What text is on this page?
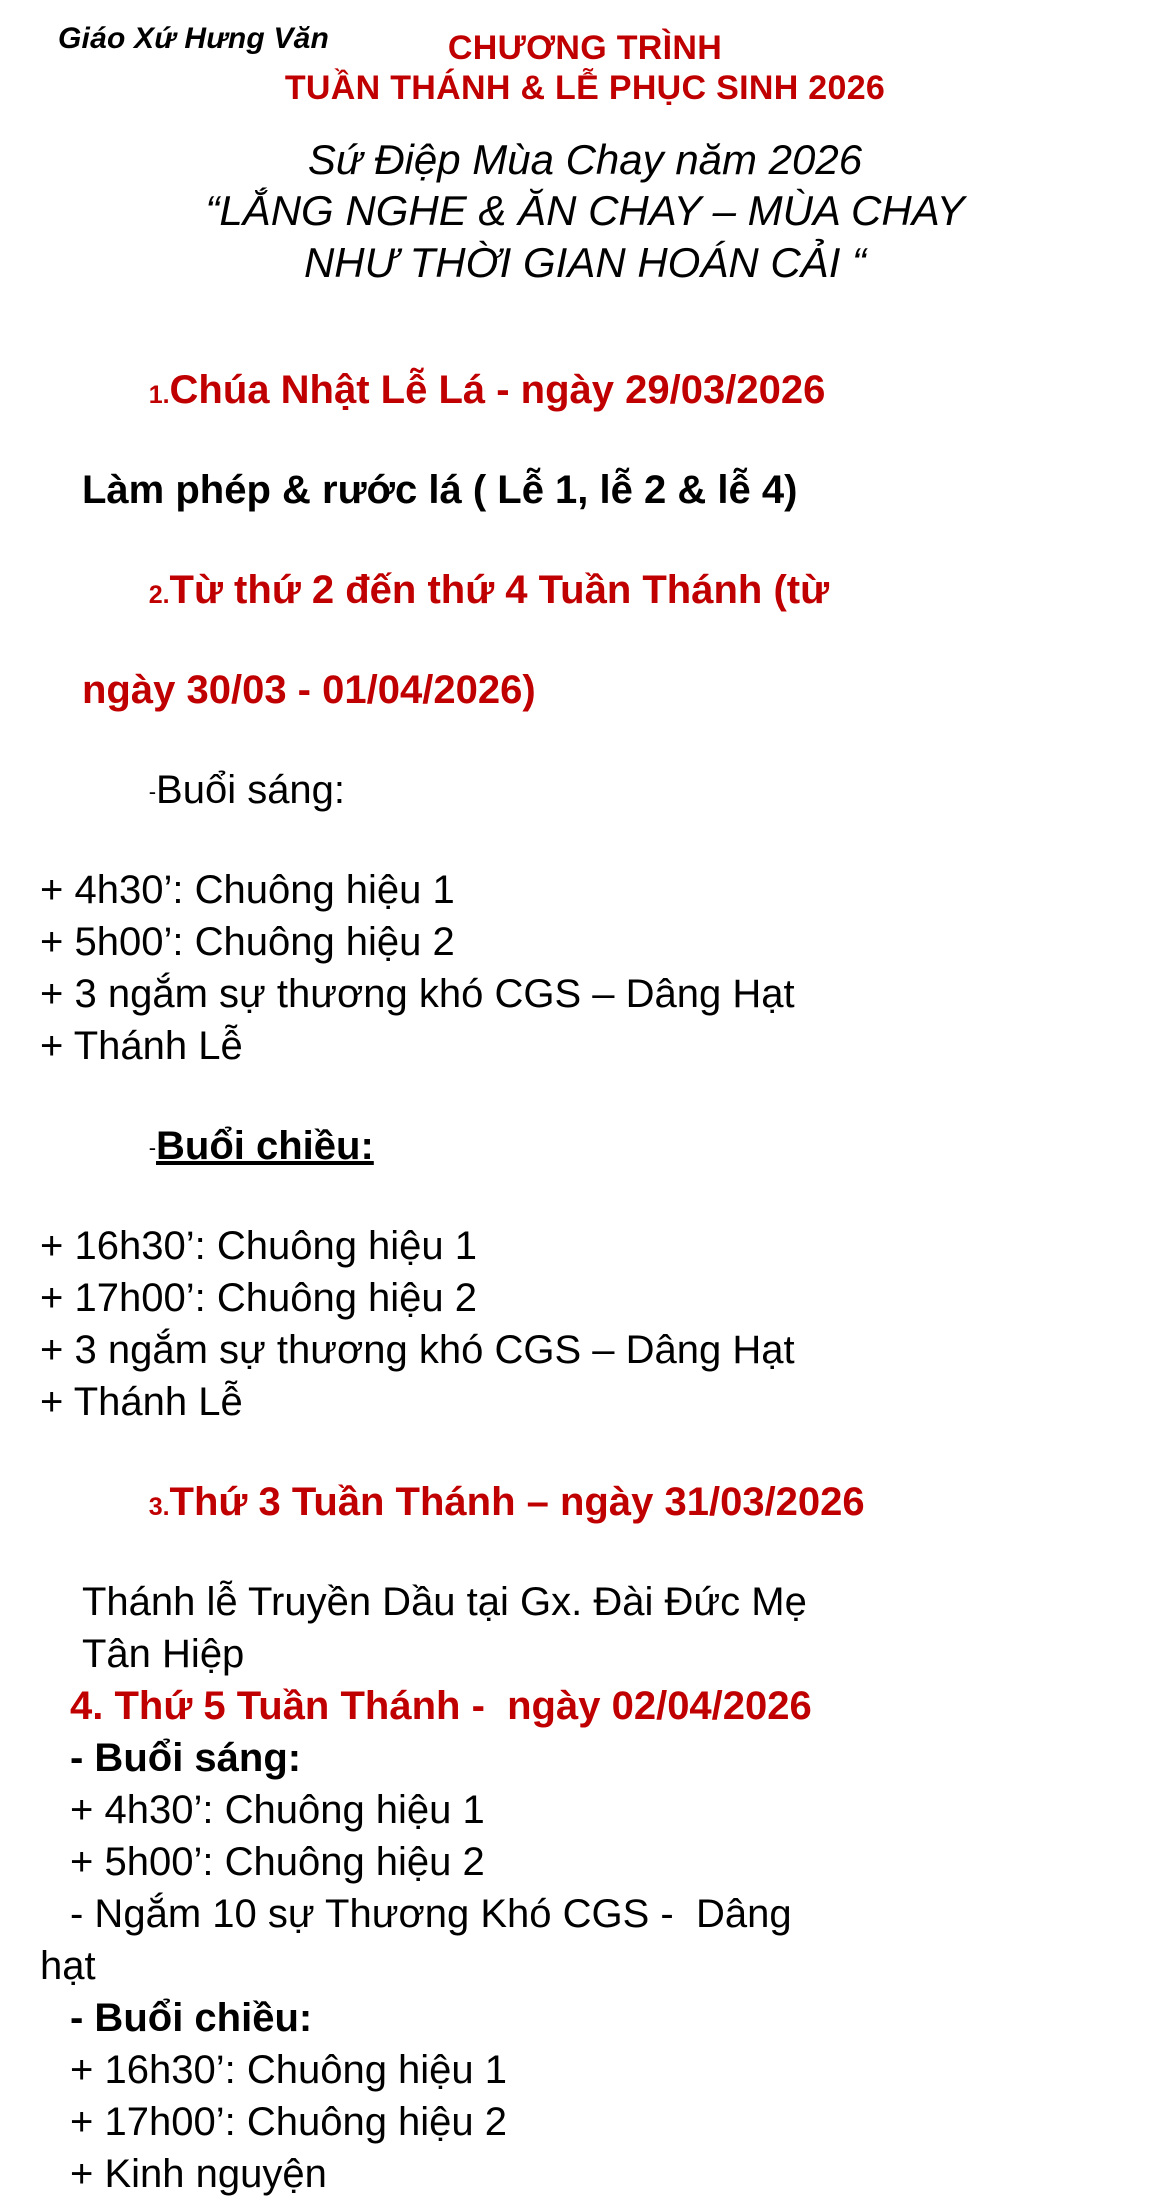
Giáo Xứ Hưng Văn	CHƯƠNG TRÌNH
TUẦN THÁNH & LỄ PHỤC SINH 2026
Sứ Điệp Mùa Chay năm 2026
“LẮNG NGHE & ĂN CHAY – MÙA CHAY
NHƯ THỜI GIAN HOÁN CẢI “

1.Chúa Nhật Lễ Lá - ngày 29/03/2026

Làm phép & rước lá ( Lễ 1, lễ 2 & lễ 4)

2.Từ thứ 2 đến thứ 4 Tuần Thánh (từ

ngày 30/03 - 01/04/2026)

-Buổi sáng:

+ 4h30’: Chuông hiệu 1
+ 5h00’: Chuông hiệu 2
+ 3 ngắm sự thương khó CGS – Dâng Hạt
+ Thánh Lễ

-Buổi chiều:

+ 16h30’: Chuông hiệu 1
+ 17h00’: Chuông hiệu 2
+ 3 ngắm sự thương khó CGS – Dâng Hạt
+ Thánh Lễ

3.Thứ 3 Tuần Thánh – ngày 31/03/2026

Thánh lễ Truyền Dầu tại Gx. Đài Đức Mẹ
Tân Hiệp
4. Thứ 5 Tuần Thánh -  ngày 02/04/2026
- Buổi sáng:
+ 4h30’: Chuông hiệu 1
+ 5h00’: Chuông hiệu 2
- Ngắm 10 sự Thương Khó CGS -  Dâng
hạt
- Buổi chiều:
+ 16h30’: Chuông hiệu 1
+ 17h00’: Chuông hiệu 2
+ Kinh nguyện
